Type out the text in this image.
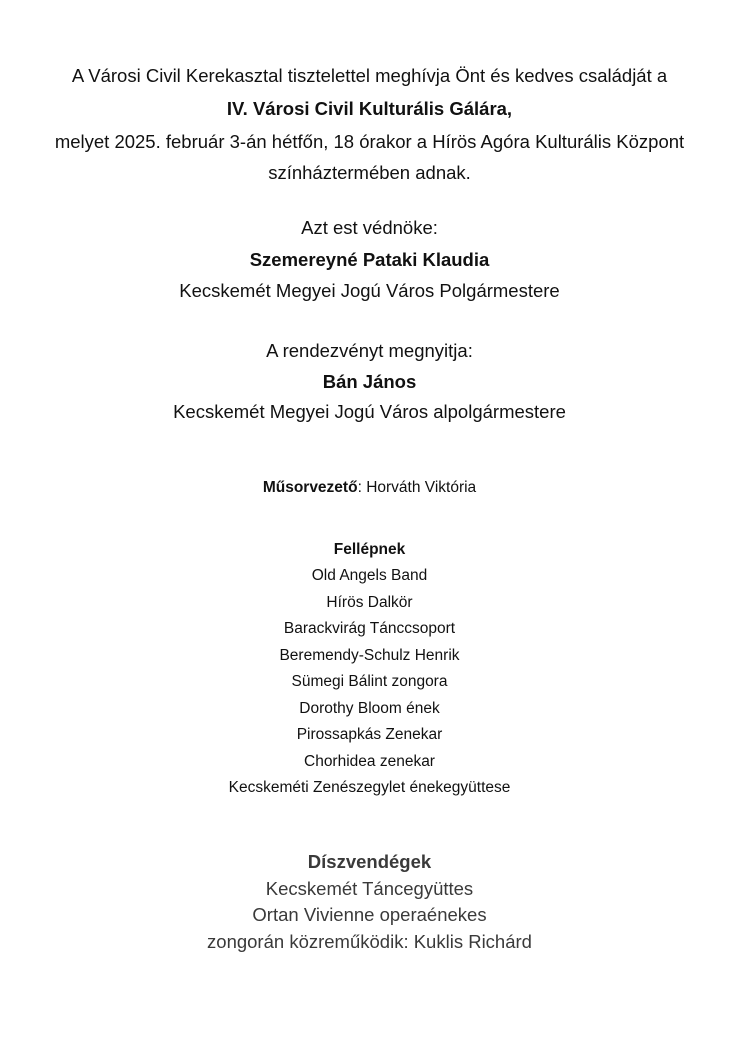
A Városi Civil Kerekasztal tisztelettel meghívja Önt és kedves családját a
IV. Városi Civil Kulturális Gálára,
melyet 2025. február 3-án hétfőn, 18 órakor a Hírös Agóra Kulturális Központ
színháztermében adnak.
Azt est védnöke:
Szemereyné Pataki Klaudia
Kecskemét Megyei Jogú Város Polgármestere
A rendezvényt megnyitja:
Bán János
Kecskemét Megyei Jogú Város alpolgármestere
Műsorvezető: Horváth Viktória
Fellépnek
Old Angels Band
Hírös Dalkör
Barackvirág Tánccsoport
Beremendy-Schulz Henrik
Sümegi Bálint zongora
Dorothy Bloom ének
Pirossapkás Zenekar
Chorhidea zenekar
Kecskeméti Zenészegylet énekegyüttese
Díszvendégek
Kecskemét Táncegyüttes
Ortan Vivienne operaénekes
zongorán közreműködik: Kuklis Richárd
